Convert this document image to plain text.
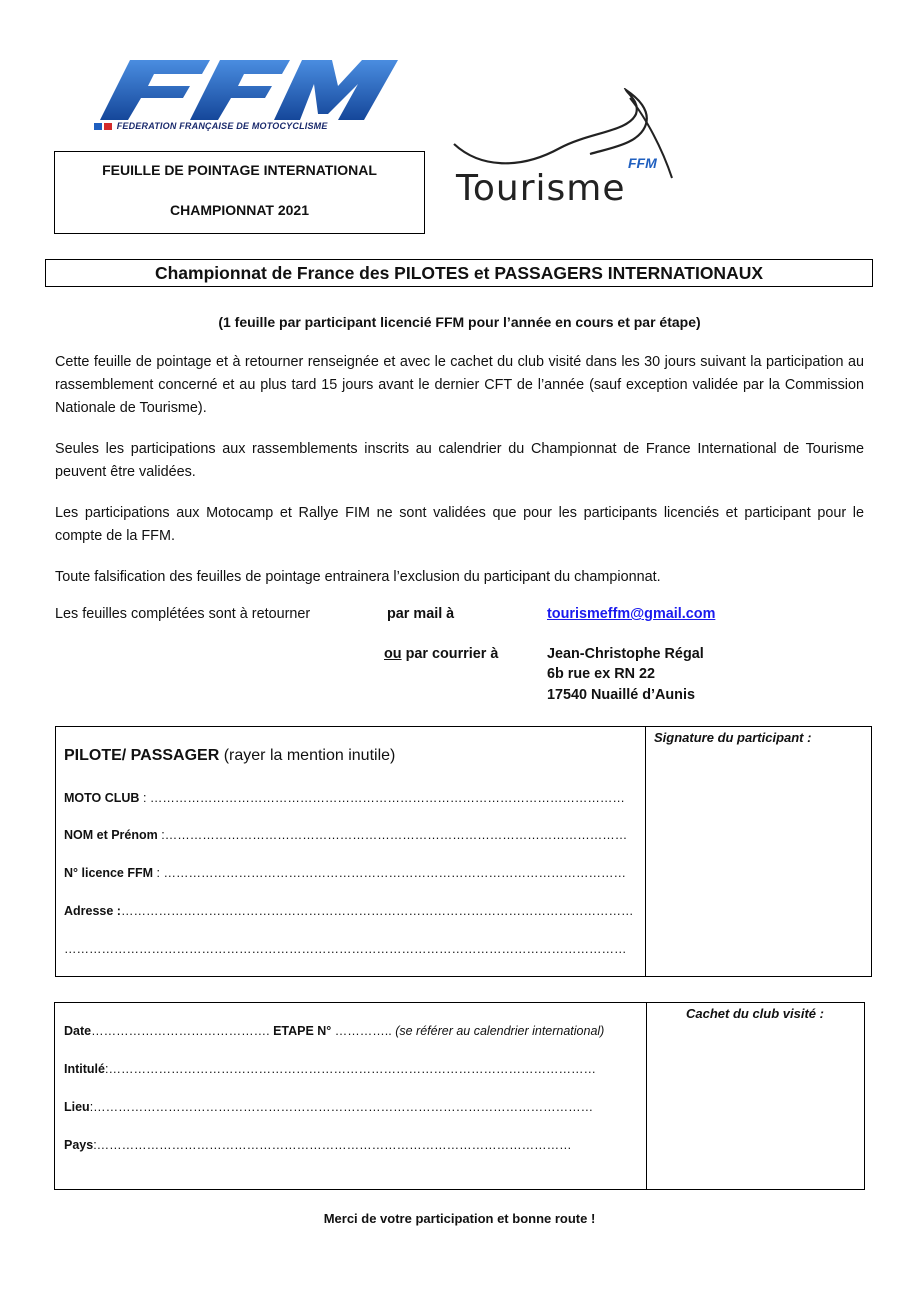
FEDERATION FRANÇAISE DE MOTOCYCLISME
FFM
Tourisme
FEUILLE DE POINTAGE INTERNATIONAL
CHAMPIONNAT 2021
Championnat de France des PILOTES et PASSAGERS INTERNATIONAUX
(1 feuille par participant licencié FFM pour l’année en cours et par étape)
Cette feuille de pointage et à retourner renseignée et avec le cachet du club visité dans les 30 jours suivant la participation au rassemblement concerné et au plus tard 15 jours avant le dernier CFT de l’année (sauf exception validée par la Commission Nationale de Tourisme).
Seules les participations aux rassemblements inscrits au calendrier du Championnat de France International de Tourisme peuvent être validées.
Les participations aux Motocamp et Rallye FIM ne sont validées que pour les participants licenciés et participant pour le compte de la FFM.
Toute falsification des feuilles de pointage entrainera l’exclusion du participant du championnat.
Les feuilles complétées sont à retourner	par mail à	tourismeffm@gmail.com
ou par courrier à	Jean-Christophe Régal
6b rue ex RN 22
17540 Nuaillé d’Aunis
PILOTE/ PASSAGER (rayer la mention inutile)
Signature du participant :
MOTO CLUB : ……………………………………………………………………………………………………
NOM et Prénom :…………………………………………………………………………………………………
N° licence FFM : …………………………………………………………………………………………………
Adresse :……………………………………………………………………………………………………………
………………………………………………………………………………………………………………………
Cachet du club visité :
Date……………………………………. ETAPE N° ………….. (se référer au calendrier international)
Intitulé:………………………………………………………………………………………………………
Lieu:…………………………………………………………………………………………………………
Pays:……………………………………………………………………………………………………
Merci de votre participation et bonne route !
